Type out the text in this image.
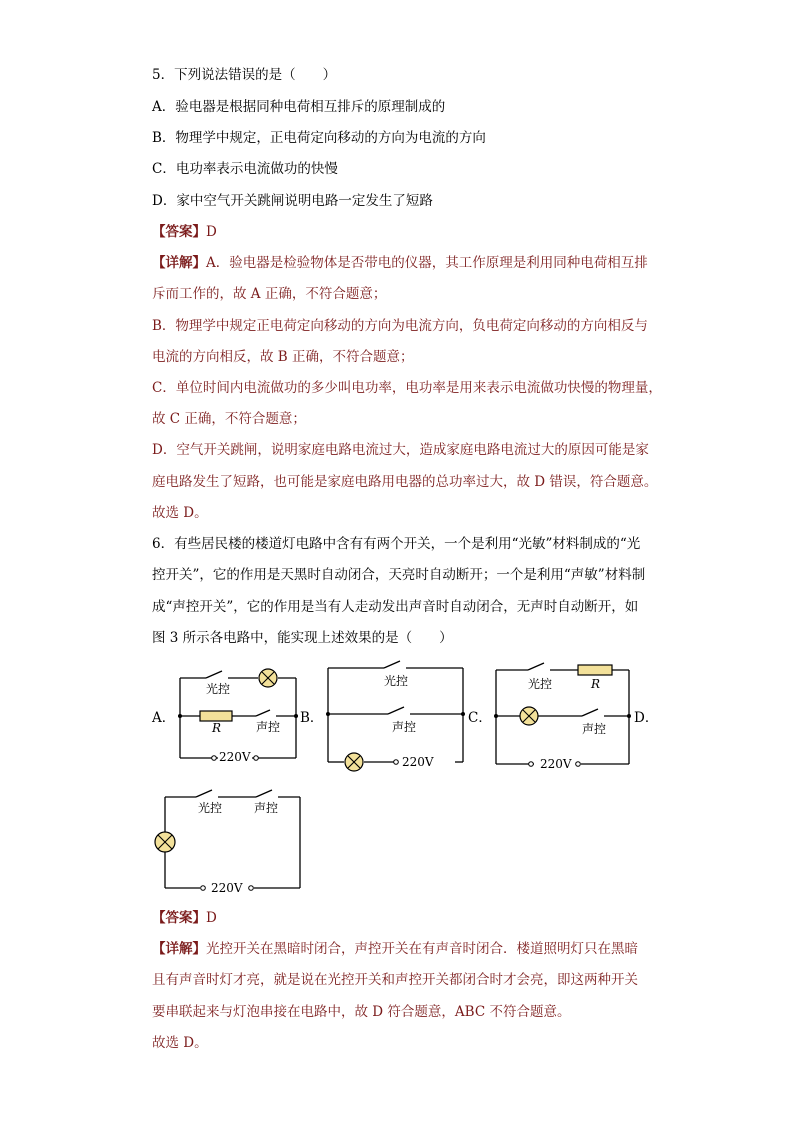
5．下列说法错误的是（　　）
A．验电器是根据同种电荷相互排斥的原理制成的
B．物理学中规定，正电荷定向移动的方向为电流的方向
C．电功率表示电流做功的快慢
D．家中空气开关跳闸说明电路一定发生了短路
【答案】D
【详解】A．验电器是检验物体是否带电的仪器，其工作原理是利用同种电荷相互排
斥而工作的，故 A 正确，不符合题意；
B．物理学中规定正电荷定向移动的方向为电流方向，负电荷定向移动的方向相反与
电流的方向相反，故 B 正确，不符合题意；
C．单位时间内电流做功的多少叫电功率，电功率是用来表示电流做功快慢的物理量，
故 C 正确，不符合题意；
D．空气开关跳闸，说明家庭电路电流过大，造成家庭电路电流过大的原因可能是家
庭电路发生了短路，也可能是家庭电路用电器的总功率过大，故 D 错误，符合题意。
故选 D。
6．有些居民楼的楼道灯电路中含有有两个开关，一个是利用“光敏”材料制成的“光
控开关”，它的作用是天黑时自动闭合，天亮时自动断开；一个是利用“声敏”材料制
成“声控开关”，它的作用是当有人走动发出声音时自动闭合，无声时自动断开，如
图 3 所示各电路中，能实现上述效果的是（　　）
A．	B．	C．	D．
光控
R	声控
220V
光控
声控
220V
光控	R
声控
220V
光控	声控
220V
【答案】D
【详解】光控开关在黑暗时闭合，声控开关在有声音时闭合．楼道照明灯只在黑暗
且有声音时灯才亮，就是说在光控开关和声控开关都闭合时才会亮，即这两种开关
要串联起来与灯泡串接在电路中，故 D 符合题意，ABC 不符合题意。
故选 D。
